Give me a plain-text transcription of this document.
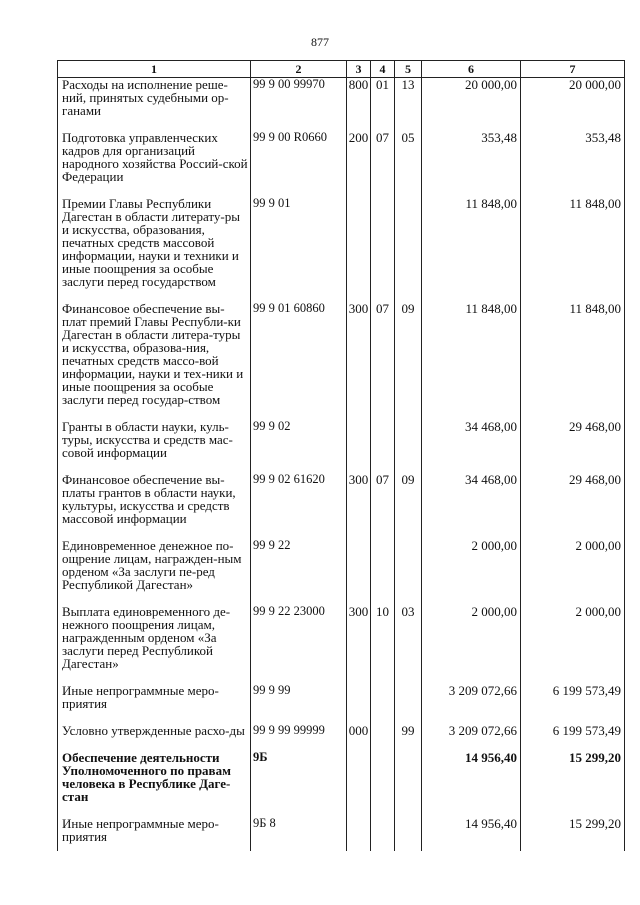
877
1	2	3	4	5	6	7
Расходы на исполнение реше-ний, принятых судебными ор-ганами	99 9 00 99970	800	01	13	20 000,00	20 000,00
Подготовка управленческих кадров для организаций народного хозяйства Россий-ской Федерации	99 9 00 R0660	200	07	05	353,48	353,48
Премии Главы Республики Дагестан в области литерату-ры и искусства, образования, печатных средств массовой информации, науки и техники и иные поощрения за особые заслуги перед государством	99 9 01				11 848,00	11 848,00
Финансовое обеспечение вы-плат премий Главы Республи-ки Дагестан в области литера-туры и искусства, образова-ния, печатных средств массо-вой информации, науки и тех-ники и иные поощрения за особые заслуги перед государ-ством	99 9 01 60860	300	07	09	11 848,00	11 848,00
Гранты в области науки, куль-туры, искусства и средств мас-совой информации	99 9 02				34 468,00	29 468,00
Финансовое обеспечение вы-платы грантов в области науки, культуры, искусства и средств массовой информации	99 9 02 61620	300	07	09	34 468,00	29 468,00
Единовременное денежное по-ощрение лицам, награжден-ным орденом «За заслуги пе-ред Республикой Дагестан»	99 9 22				2 000,00	2 000,00
Выплата единовременного де-нежного поощрения лицам, награжденным орденом «За заслуги перед Республикой Дагестан»	99 9 22 23000	300	10	03	2 000,00	2 000,00
Иные непрограммные меро-приятия	99 9 99				3 209 072,66	6 199 573,49
Условно утвержденные расхо-ды	99 9 99 99999	000		99	3 209 072,66	6 199 573,49
Обеспечение деятельности Уполномоченного по правам человека в Республике Даге-стан	9Б				14 956,40	15 299,20
Иные непрограммные меро-приятия	9Б 8				14 956,40	15 299,20
